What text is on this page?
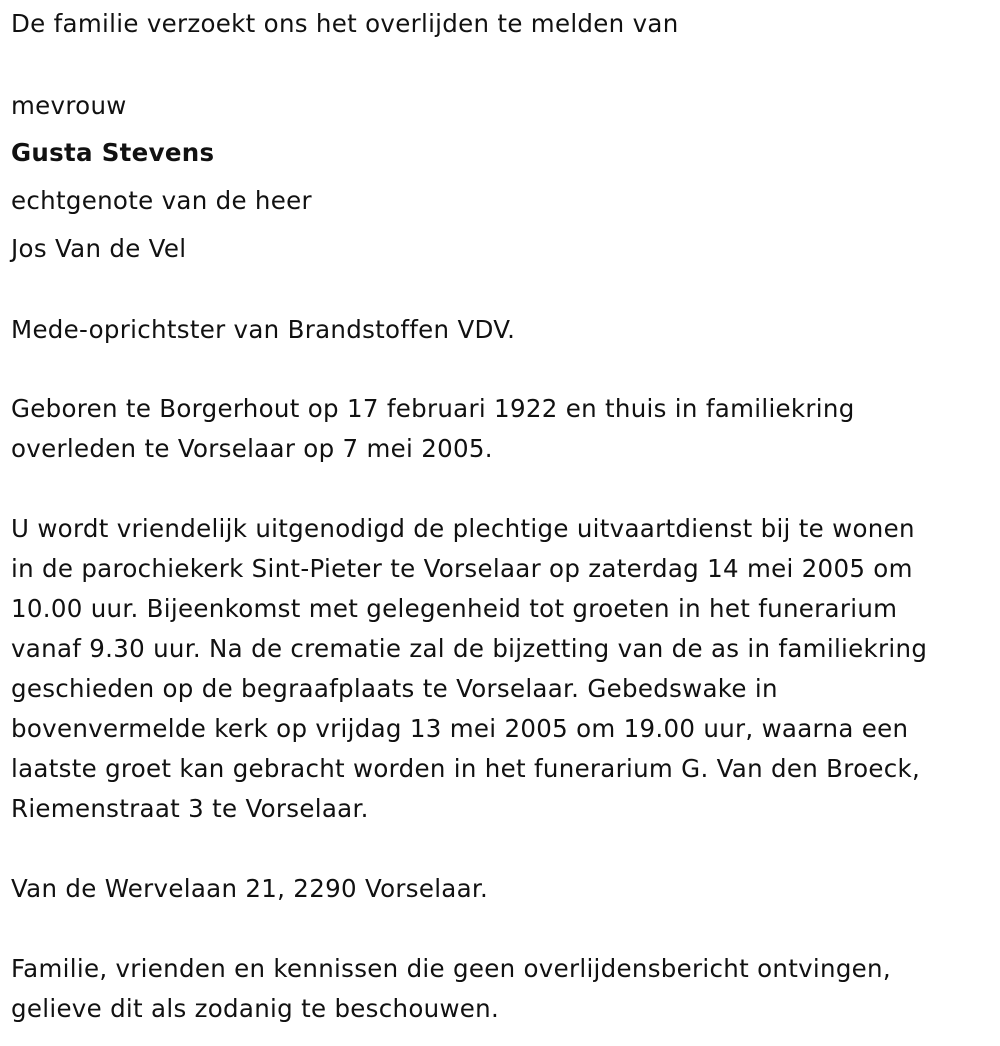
De familie verzoekt ons het overlijden te melden van
mevrouw
Gusta Stevens
echtgenote van de heer
Jos Van de Vel
Mede-oprichtster van Brandstoffen VDV.
Geboren te Borgerhout op 17 februari 1922 en thuis in familiekring
overleden te Vorselaar op 7 mei 2005.
U wordt vriendelijk uitgenodigd de plechtige uitvaartdienst bij te wonen
in de parochiekerk Sint-Pieter te Vorselaar op zaterdag 14 mei 2005 om
10.00 uur. Bijeenkomst met gelegenheid tot groeten in het funerarium
vanaf 9.30 uur. Na de crematie zal de bijzetting van de as in familiekring
geschieden op de begraafplaats te Vorselaar. Gebedswake in
bovenvermelde kerk op vrijdag 13 mei 2005 om 19.00 uur, waarna een
laatste groet kan gebracht worden in het funerarium G. Van den Broeck,
Riemenstraat 3 te Vorselaar.
Van de Wervelaan 21, 2290 Vorselaar.
Familie, vrienden en kennissen die geen overlijdensbericht ontvingen,
gelieve dit als zodanig te beschouwen.
